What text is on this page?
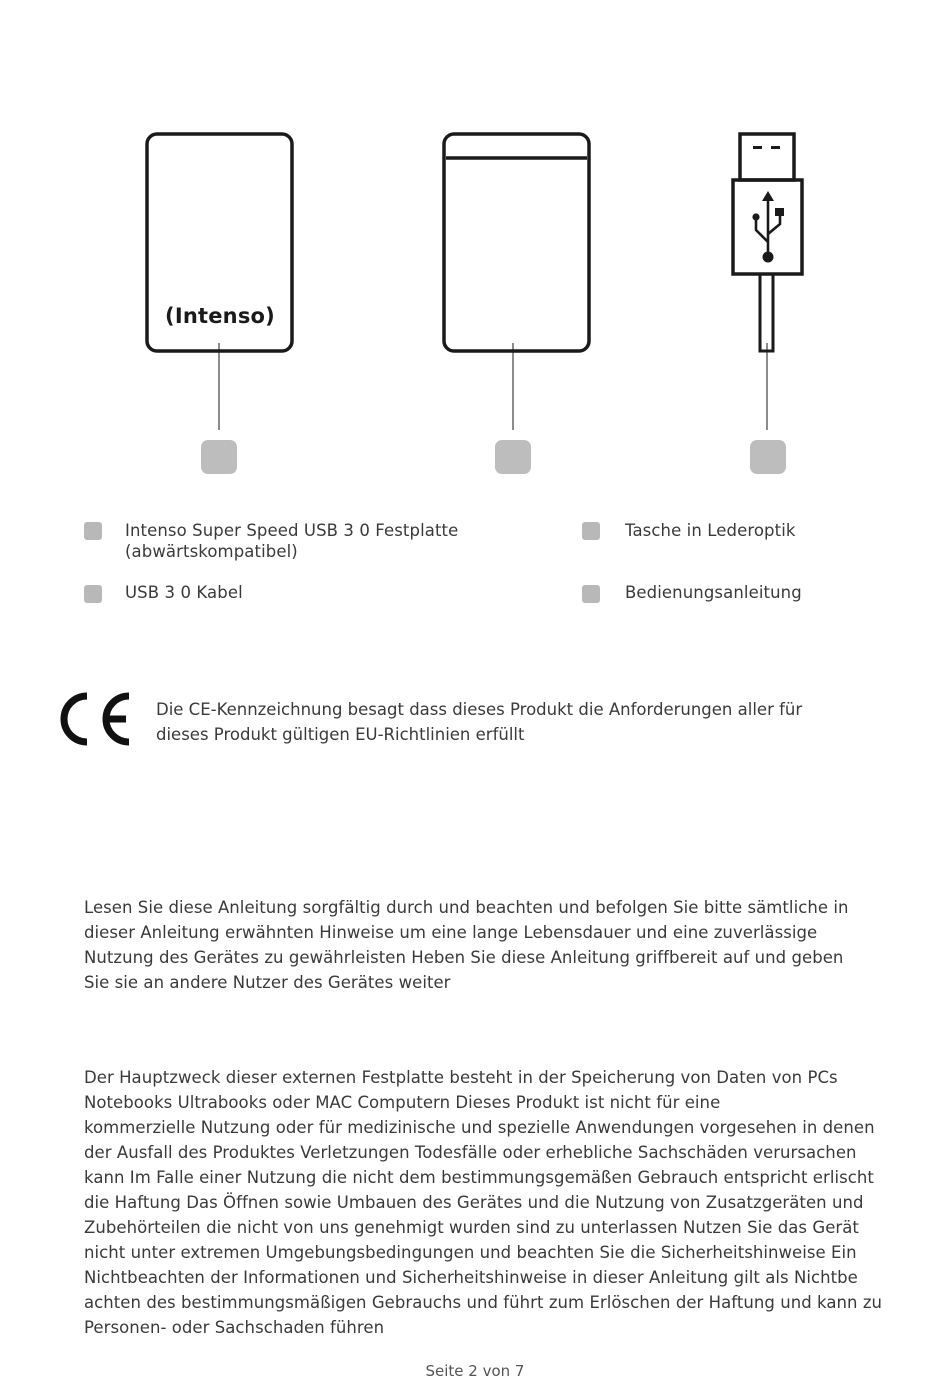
(Intenso)
Intenso Super Speed USB 3 0 Festplatte
(abwärtskompatibel)
Tasche in Lederoptik
USB 3 0 Kabel	Bedienungsanleitung
Die CE-Kennzeichnung besagt dass dieses Produkt die Anforderungen aller für
dieses Produkt gültigen EU-Richtlinien erfüllt
Lesen Sie diese Anleitung sorgfältig durch und beachten und befolgen Sie bitte sämtliche in
dieser Anleitung erwähnten Hinweise um eine lange Lebensdauer und eine zuverlässige
Nutzung des Gerätes zu gewährleisten Heben Sie diese Anleitung griffbereit auf und geben
Sie sie an andere Nutzer des Gerätes weiter
Der Hauptzweck dieser externen Festplatte besteht in der Speicherung von Daten von PCs
Notebooks Ultrabooks oder MAC Computern Dieses Produkt ist nicht für eine
kommerzielle Nutzung oder für medizinische und spezielle Anwendungen vorgesehen in denen
der Ausfall des Produktes Verletzungen Todesfälle oder erhebliche Sachschäden verursachen
kann Im Falle einer Nutzung die nicht dem bestimmungsgemäßen Gebrauch entspricht erlischt
die Haftung Das Öffnen sowie Umbauen des Gerätes und die Nutzung von Zusatzgeräten und
Zubehörteilen die nicht von uns genehmigt wurden sind zu unterlassen Nutzen Sie das Gerät
nicht unter extremen Umgebungsbedingungen und beachten Sie die Sicherheitshinweise Ein
Nichtbeachten der Informationen und Sicherheitshinweise in dieser Anleitung gilt als Nichtbe
achten des bestimmungsmäßigen Gebrauchs und führt zum Erlöschen der Haftung und kann zu
Personen- oder Sachschaden führen
Seite 2 von 7
